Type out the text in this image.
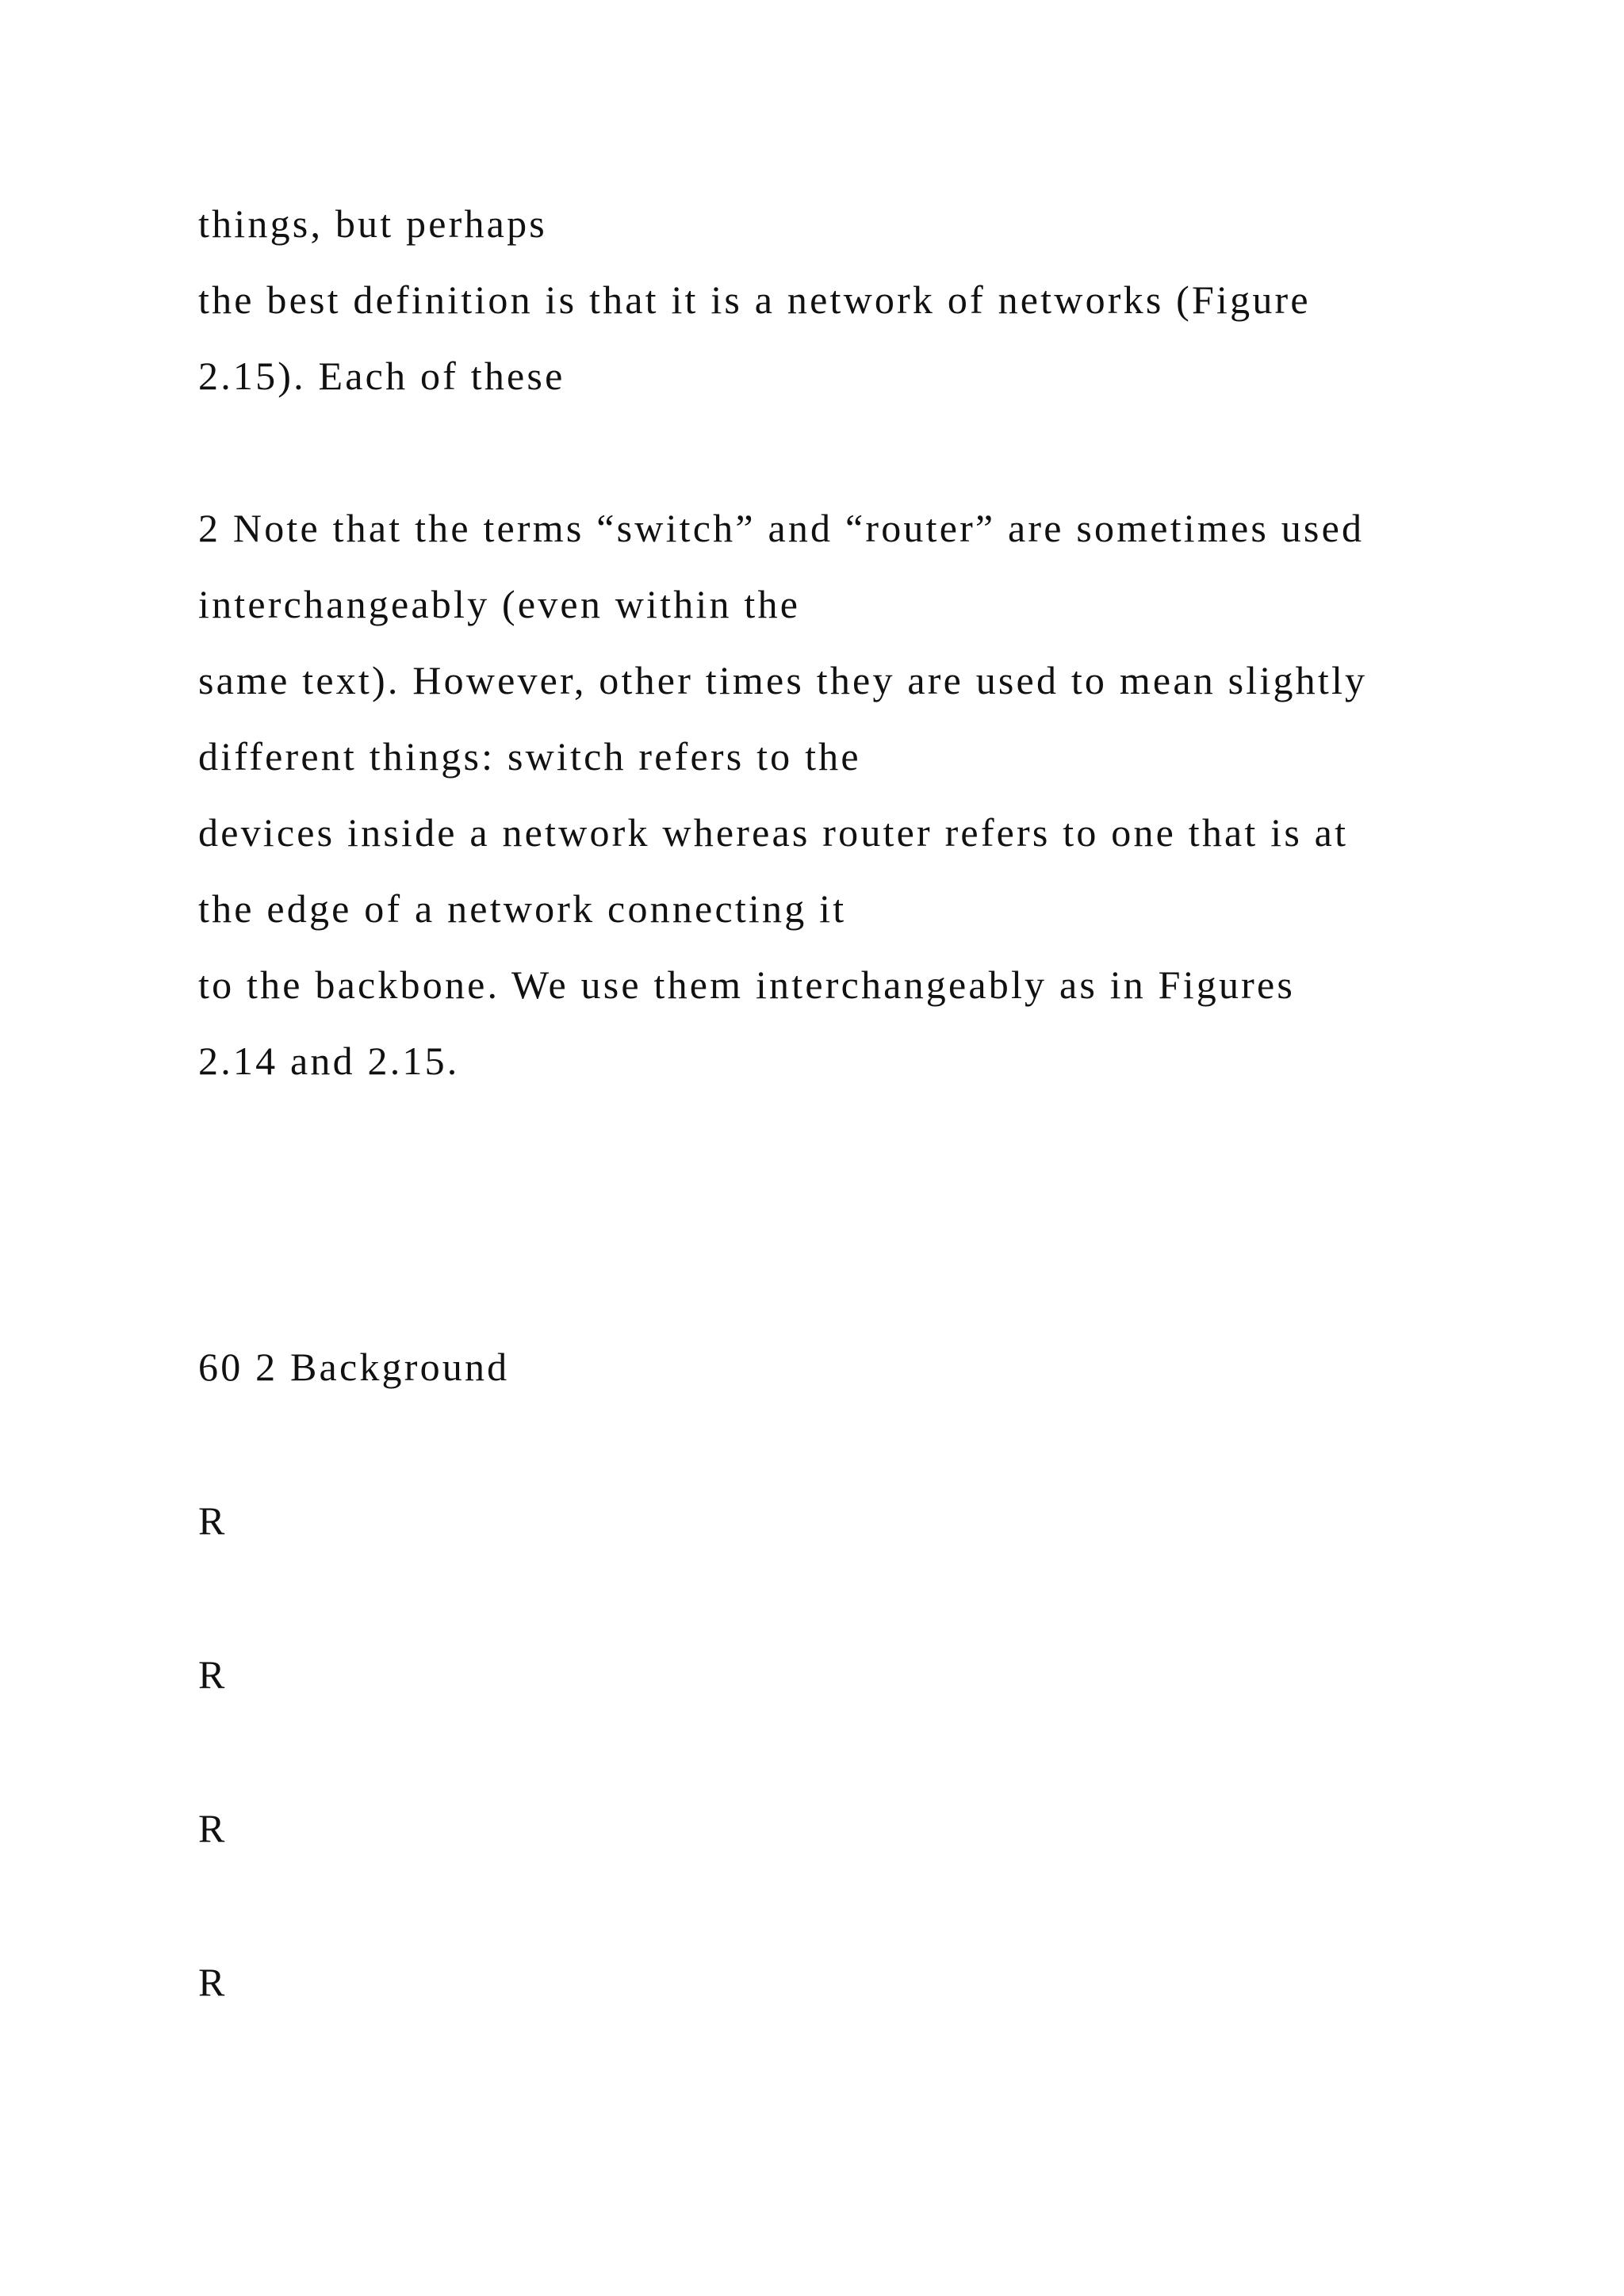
things, but perhaps

the best definition is that it is a network of networks (Figure

2.15). Each of these

2 Note that the terms “switch” and “router” are sometimes used

interchangeably (even within the

same text). However, other times they are used to mean slightly

different things: switch refers to the

devices inside a network whereas router refers to one that is at

the edge of a network connecting it

to the backbone. We use them interchangeably as in Figures

2.14 and 2.15.

60 2 Background

R

R

R

R
